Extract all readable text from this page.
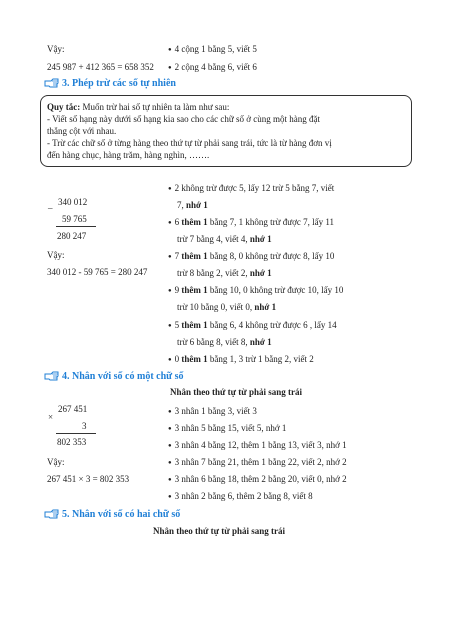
Vậy:
245 987 + 412 365 = 658 352
● 4 cộng 1 bằng 5, viết 5
● 2 cộng 4 bằng 6, viết 6
3. Phép trừ các số tự nhiên
Quy tắc: Muốn trừ hai số tự nhiên ta làm như sau:
- Viết số hạng này dưới số hạng kia sao cho các chữ số ở cùng một hàng đặt
thẳng cột với nhau.
- Trừ các chữ số ở từng hàng theo thứ tự từ phải sang trái, tức là từ hàng đơn vị
đến hàng chục, hàng trăm, hàng nghìn, …….
_ 340 012
59 765
280 247
Vậy:
340 012 - 59 765 = 280 247
● 2 không trừ được 5, lấy 12 trừ 5 bằng 7, viết
7, nhớ 1
● 6 thêm 1 bằng 7, 1 không trừ được 7, lấy 11
trừ 7 bằng 4, viết 4, nhớ 1
● 7 thêm 1 bằng 8, 0 không trừ được 8, lấy 10
trừ 8 bằng 2, viết 2, nhớ 1
● 9 thêm 1 bằng 10, 0 không trừ được 10, lấy 10
trừ 10 bằng 0, viết 0, nhớ 1
● 5 thêm 1 bằng 6, 4 không trừ được 6 , lấy 14
trừ 6 bằng 8, viết 8, nhớ 1
● 0 thêm 1 bằng 1, 3 trừ 1 bằng 2, viết 2
4. Nhân với số có một chữ số
Nhân theo thứ tự từ phải sang trái
×
267 451
3
802 353
Vậy:
267 451 × 3 = 802 353
● 3 nhân 1 bằng 3, viết 3
● 3 nhân 5 bằng 15, viết 5, nhớ 1
● 3 nhân 4 bằng 12, thêm 1 bằng 13, viết 3, nhớ 1
● 3 nhân 7 bằng 21, thêm 1 bằng 22, viết 2, nhớ 2
● 3 nhân 6 bằng 18, thêm 2 bằng 20, viết 0, nhớ 2
● 3 nhân 2 bằng 6, thêm 2 bằng 8, viết 8
5. Nhân với số có hai chữ số
Nhân theo thứ tự từ phải sang trái
